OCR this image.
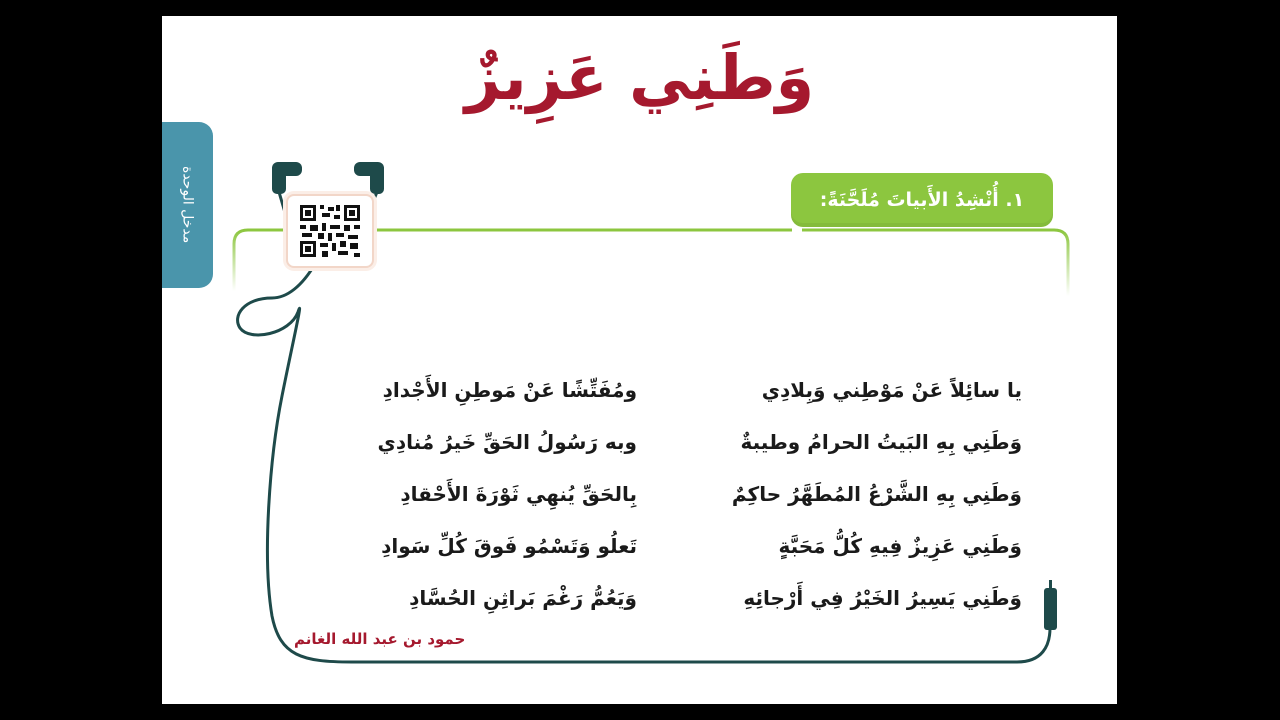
وَطَنِي عَزِيزٌ
مدخل الوحدة	١. أُنْشِدُ الأَبياتَ مُلَحَّنَةً:
يا سائِلاً عَنْ مَوْطِني وَبِلادِي
ومُفَتِّشًا عَنْ مَوطِنِ الأَجْدادِ
وَطَنِي بِهِ البَيتُ الحرامُ وطيبةٌ
وبه رَسُولُ الحَقِّ خَيرُ مُنادِي
وَطَنِي بِهِ الشَّرْعُ المُطَهَّرُ حاكِمٌ
بِالحَقِّ يُنهِي ثَوْرَةَ الأَحْقادِ
وَطَنِي عَزِيزٌ فِيهِ كُلُّ مَحَبَّةٍ
تَعلُو وَتَسْمُو فَوقَ كُلِّ سَوادِ
وَطَنِي يَسِيرُ الخَيْرُ فِي أَرْجائِهِ
وَيَعُمُّ رَغْمَ بَراثِنِ الحُسَّادِ
حمود بن عبد الله الغانم
